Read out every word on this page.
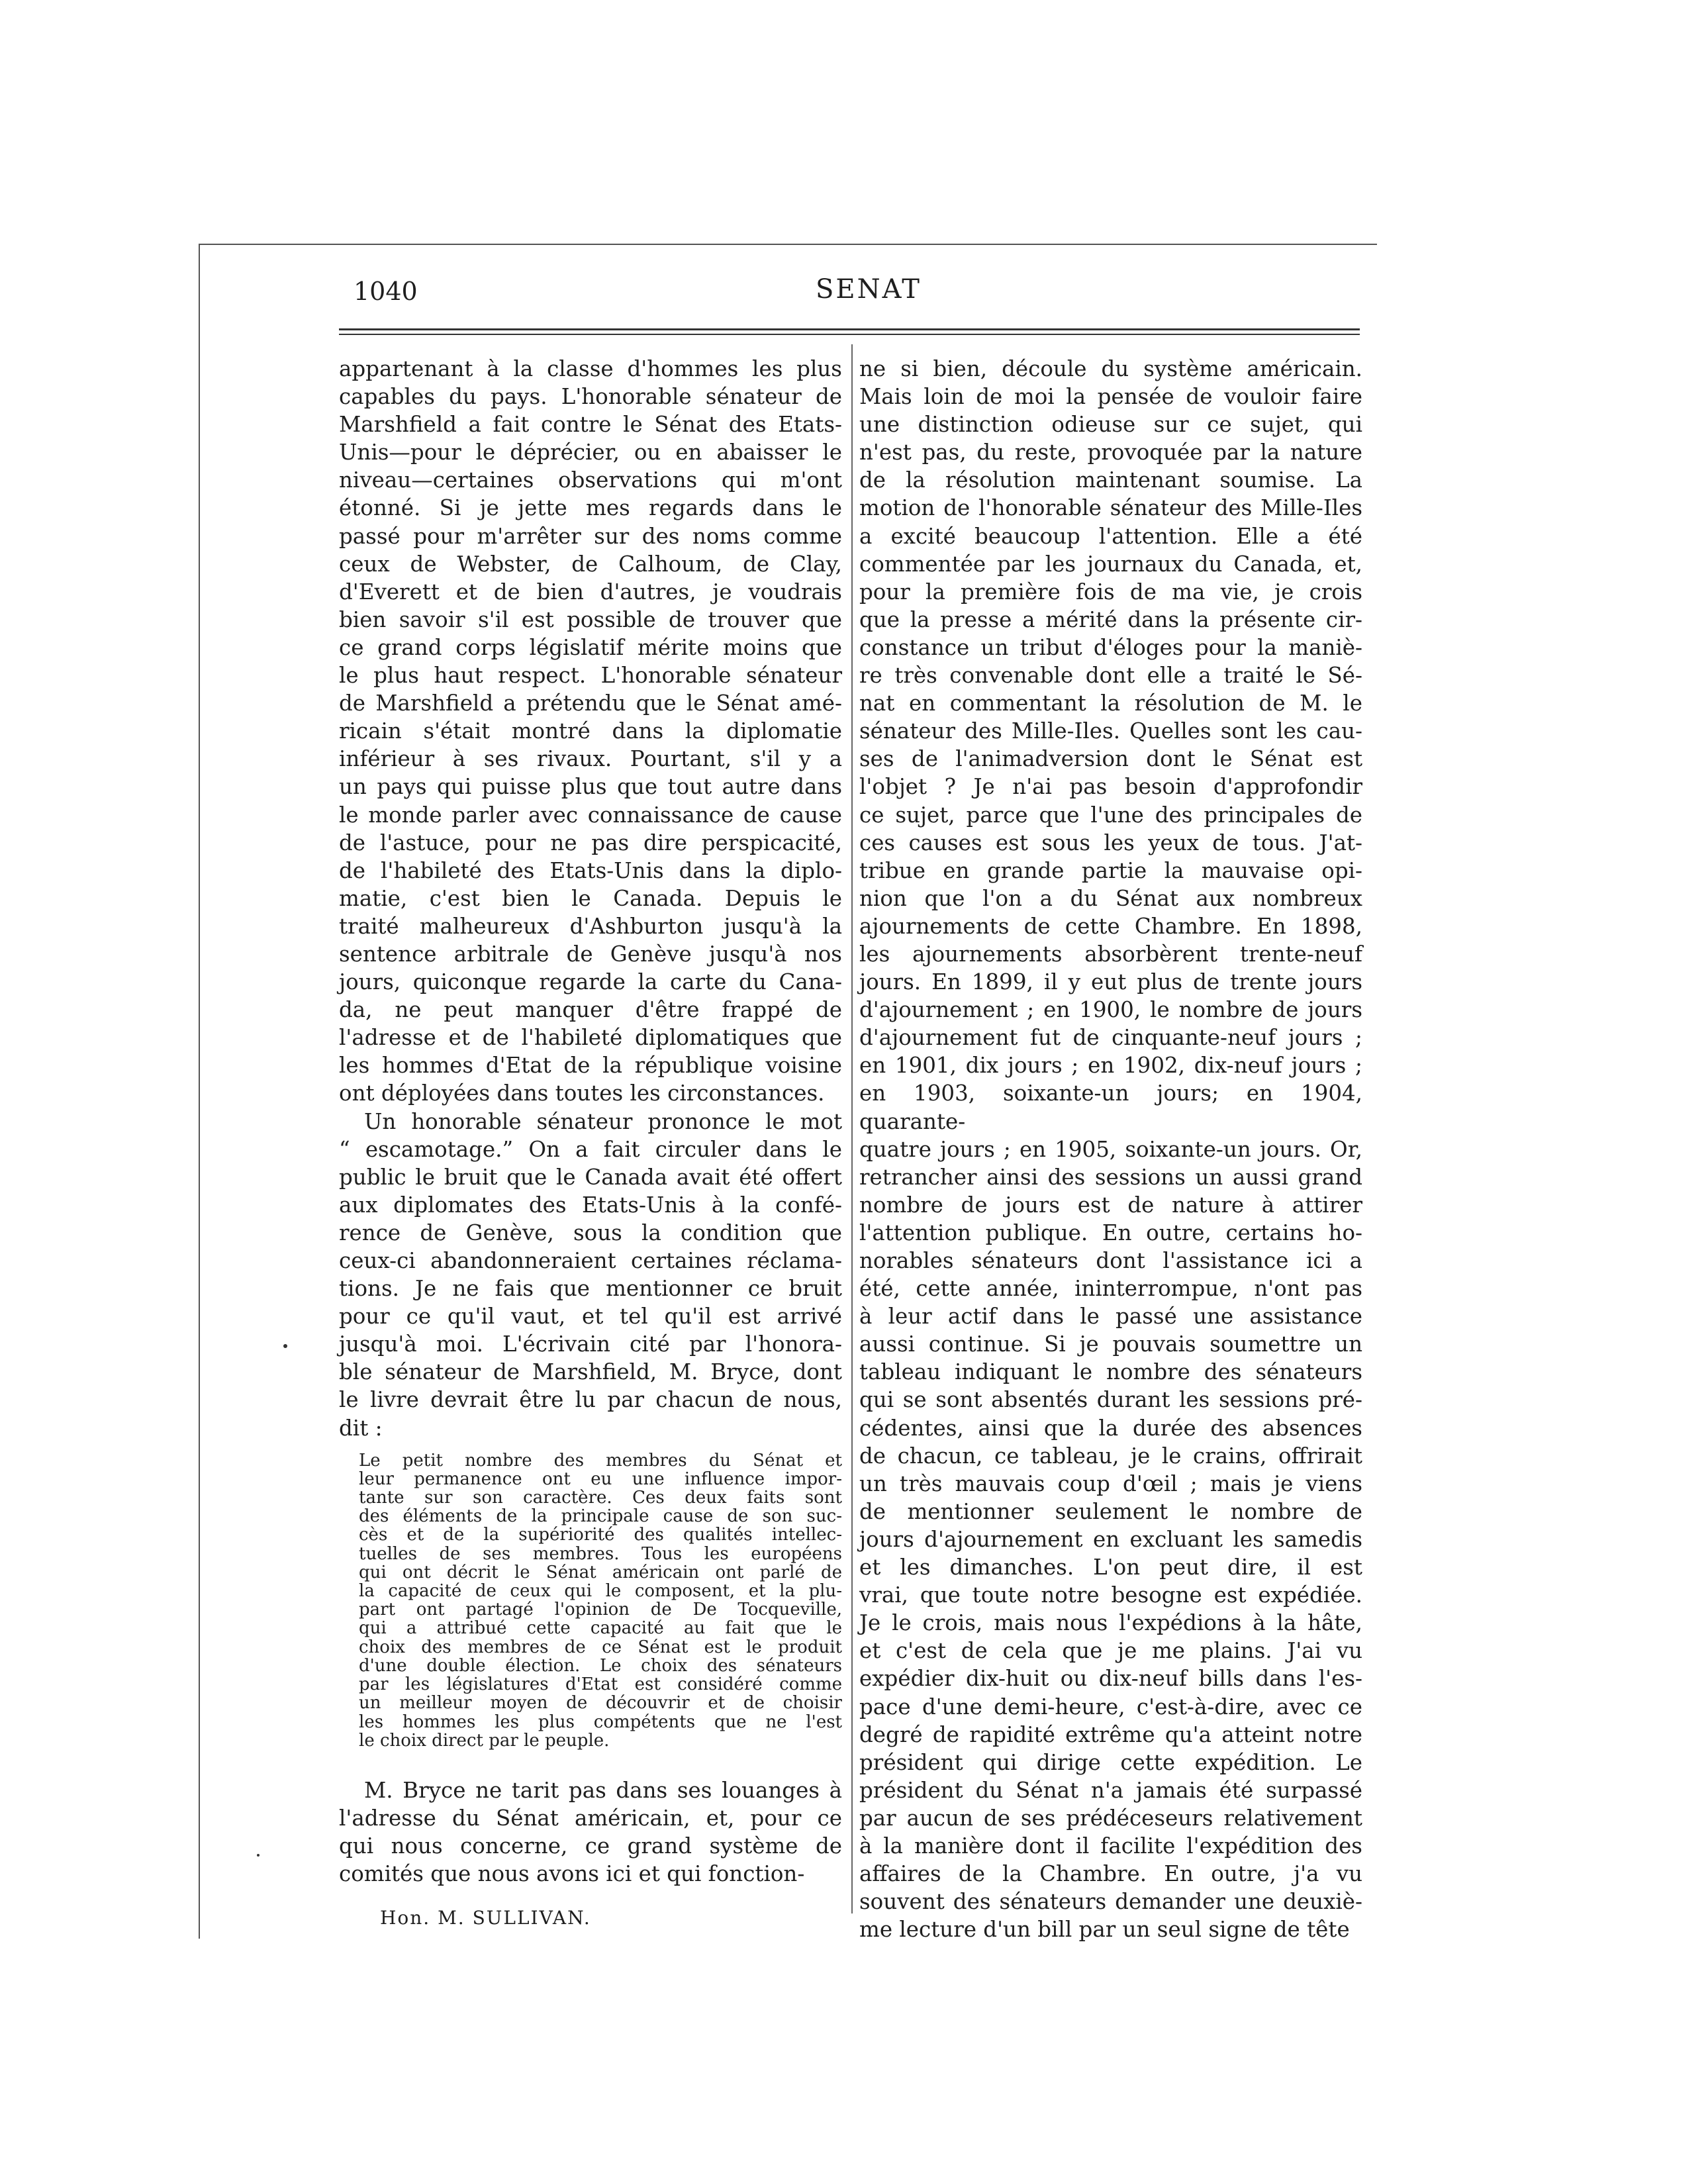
1040	SENAT

appartenant à la classe d'hommes les plus

capables du pays. L'honorable sénateur de

Marshfield a fait contre le Sénat des Etats-

Unis—pour le déprécier, ou en abaisser le

niveau—certaines observations qui m'ont

étonné. Si je jette mes regards dans le

passé pour m'arrêter sur des noms comme

ceux de Webster, de Calhoum, de Clay,

d'Everett et de bien d'autres, je voudrais

bien savoir s'il est possible de trouver que

ce grand corps législatif mérite moins que

le plus haut respect. L'honorable sénateur

de Marshfield a prétendu que le Sénat amé-

ricain s'était montré dans la diplomatie

inférieur à ses rivaux. Pourtant, s'il y a

un pays qui puisse plus que tout autre dans

le monde parler avec connaissance de cause

de l'astuce, pour ne pas dire perspicacité,

de l'habileté des Etats-Unis dans la diplo-

matie, c'est bien le Canada. Depuis le

traité malheureux d'Ashburton jusqu'à la

sentence arbitrale de Genève jusqu'à nos

jours, quiconque regarde la carte du Cana-

da, ne peut manquer d'être frappé de

l'adresse et de l'habileté diplomatiques que

les hommes d'Etat de la république voisine

ont déployées dans toutes les circonstances.

Un honorable sénateur prononce le mot

“ escamotage.” On a fait circuler dans le

public le bruit que le Canada avait été offert

aux diplomates des Etats-Unis à la confé-

rence de Genève, sous la condition que

ceux-ci abandonneraient certaines réclama-

tions. Je ne fais que mentionner ce bruit

pour ce qu'il vaut, et tel qu'il est arrivé

jusqu'à moi. L'écrivain cité par l'honora-

ble sénateur de Marshfield, M. Bryce, dont

le livre devrait être lu par chacun de nous,

dit :

Le petit nombre des membres du Sénat et

leur permanence ont eu une influence impor-

tante sur son caractère. Ces deux faits sont

des éléments de la principale cause de son suc-

cès et de la supériorité des qualités intellec-

tuelles de ses membres. Tous les européens

qui ont décrit le Sénat américain ont parlé de

la capacité de ceux qui le composent, et la plu-

part ont partagé l'opinion de De Tocqueville,

qui a attribué cette capacité au fait que le

choix des membres de ce Sénat est le produit

d'une double élection. Le choix des sénateurs

par les législatures d'Etat est considéré comme

un meilleur moyen de découvrir et de choisir

les hommes les plus compétents que ne l'est

le choix direct par le peuple.

M. Bryce ne tarit pas dans ses louanges à

l'adresse du Sénat américain, et, pour ce

qui nous concerne, ce grand système de

comités que nous avons ici et qui fonction-

ne si bien, découle du système américain.

Mais loin de moi la pensée de vouloir faire

une distinction odieuse sur ce sujet, qui

n'est pas, du reste, provoquée par la nature

de la résolution maintenant soumise. La

motion de l'honorable sénateur des Mille-Iles

a excité beaucoup l'attention. Elle a été

commentée par les journaux du Canada, et,

pour la première fois de ma vie, je crois

que la presse a mérité dans la présente cir-

constance un tribut d'éloges pour la maniè-

re très convenable dont elle a traité le Sé-

nat en commentant la résolution de M. le

sénateur des Mille-Iles. Quelles sont les cau-

ses de l'animadversion dont le Sénat est

l'objet ? Je n'ai pas besoin d'approfondir

ce sujet, parce que l'une des principales de

ces causes est sous les yeux de tous. J'at-

tribue en grande partie la mauvaise opi-

nion que l'on a du Sénat aux nombreux

ajournements de cette Chambre. En 1898,

les ajournements absorbèrent trente-neuf

jours. En 1899, il y eut plus de trente jours

d'ajournement ; en 1900, le nombre de jours

d'ajournement fut de cinquante-neuf jours ;

en 1901, dix jours ; en 1902, dix-neuf jours ;

en 1903, soixante-un jours; en 1904, quarante-

quatre jours ; en 1905, soixante-un jours. Or,

retrancher ainsi des sessions un aussi grand

nombre de jours est de nature à attirer

l'attention publique. En outre, certains ho-

norables sénateurs dont l'assistance ici a

été, cette année, ininterrompue, n'ont pas

à leur actif dans le passé une assistance

aussi continue. Si je pouvais soumettre un

tableau indiquant le nombre des sénateurs

qui se sont absentés durant les sessions pré-

cédentes, ainsi que la durée des absences

de chacun, ce tableau, je le crains, offrirait

un très mauvais coup d'œil ; mais je viens

de mentionner seulement le nombre de

jours d'ajournement en excluant les samedis

et les dimanches. L'on peut dire, il est

vrai, que toute notre besogne est expédiée.

Je le crois, mais nous l'expédions à la hâte,

et c'est de cela que je me plains. J'ai vu

expédier dix-huit ou dix-neuf bills dans l'es-

pace d'une demi-heure, c'est-à-dire, avec ce

degré de rapidité extrême qu'a atteint notre

président qui dirige cette expédition. Le

président du Sénat n'a jamais été surpassé

par aucun de ses prédéceseurs relativement

à la manière dont il facilite l'expédition des

affaires de la Chambre. En outre, j'a vu

souvent des sénateurs demander une deuxiè-

me lecture d'un bill par un seul signe de tête

Hon. M. SULLIVAN.
